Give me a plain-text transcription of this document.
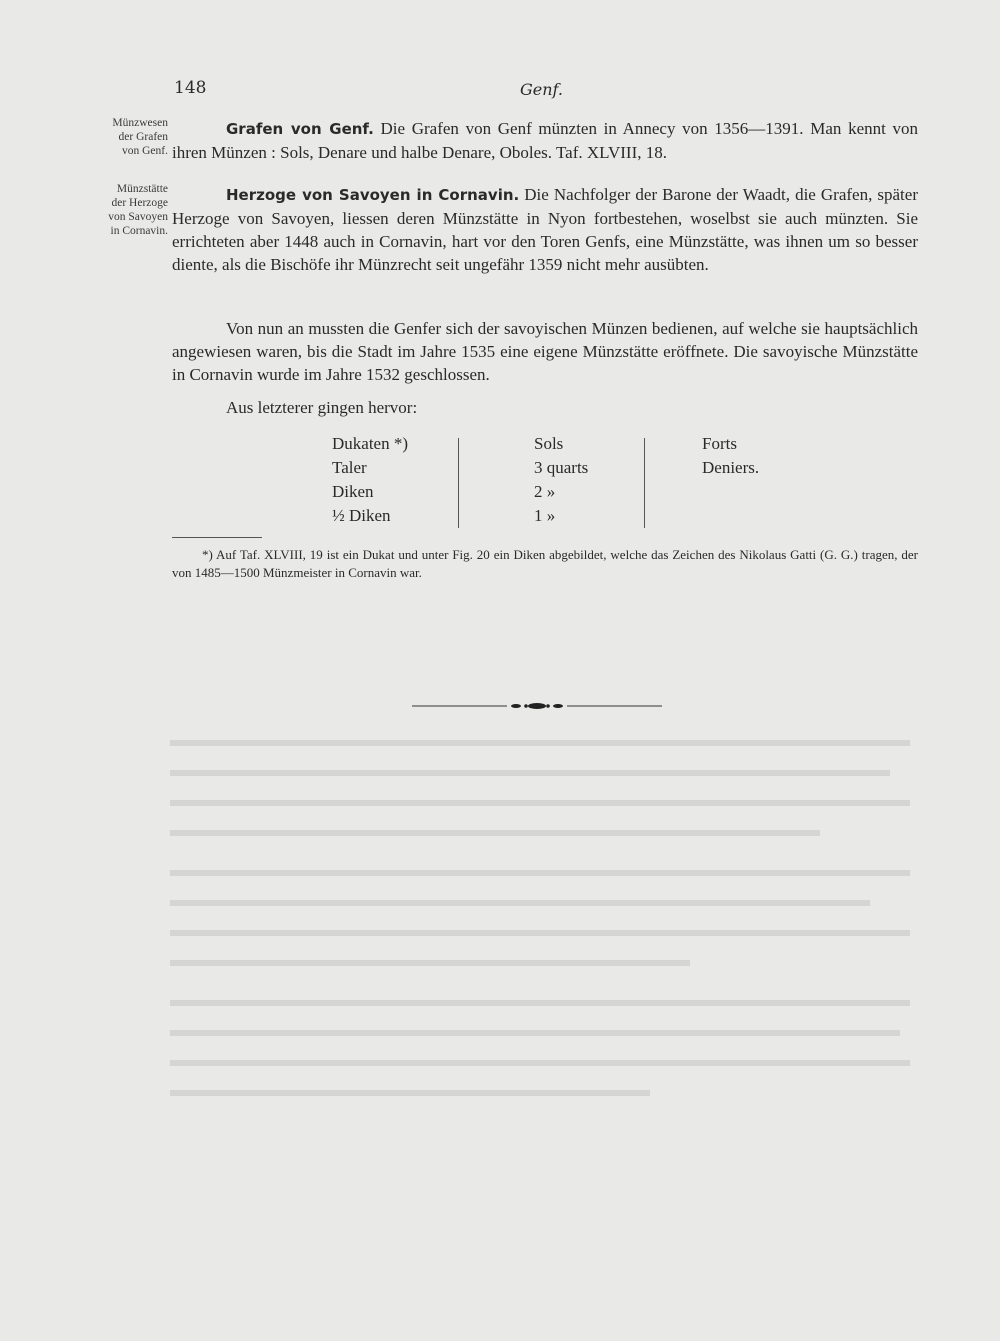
148	Genf.
Münzwesen
der Grafen
von Genf.
Grafen von Genf. Die Grafen von Genf münzten in Annecy von 1356—1391. Man kennt von ihren Münzen : Sols, Denare und halbe Denare, Oboles. Taf. XLVIII, 18.
Münzstätte
der Herzoge
von Savoyen
in Cornavin.
Herzoge von Savoyen in Cornavin. Die Nachfolger der Barone der Waadt, die Grafen, später Herzoge von Savoyen, liessen deren Münzstätte in Nyon fortbestehen, woselbst sie auch münzten. Sie errichteten aber 1448 auch in Cornavin, hart vor den Toren Genfs, eine Münzstätte, was ihnen um so besser diente, als die Bischöfe ihr Münzrecht seit ungefähr 1359 nicht mehr ausübten.
Von nun an mussten die Genfer sich der savoyischen Münzen bedienen, auf welche sie hauptsächlich angewiesen waren, bis die Stadt im Jahre 1535 eine eigene Münzstätte eröffnete. Die savoyische Münzstätte in Cornavin wurde im Jahre 1532 geschlossen.
Aus letzterer gingen hervor:
Dukaten *)
Taler
Diken
½ Diken
Sols
3 quarts
2 »
1 »
Forts
Deniers.
*) Auf Taf. XLVIII, 19 ist ein Dukat und unter Fig. 20 ein Diken abgebildet, welche das Zeichen des Nikolaus Gatti (G. G.) tragen, der von 1485—1500 Münzmeister in Cornavin war.
